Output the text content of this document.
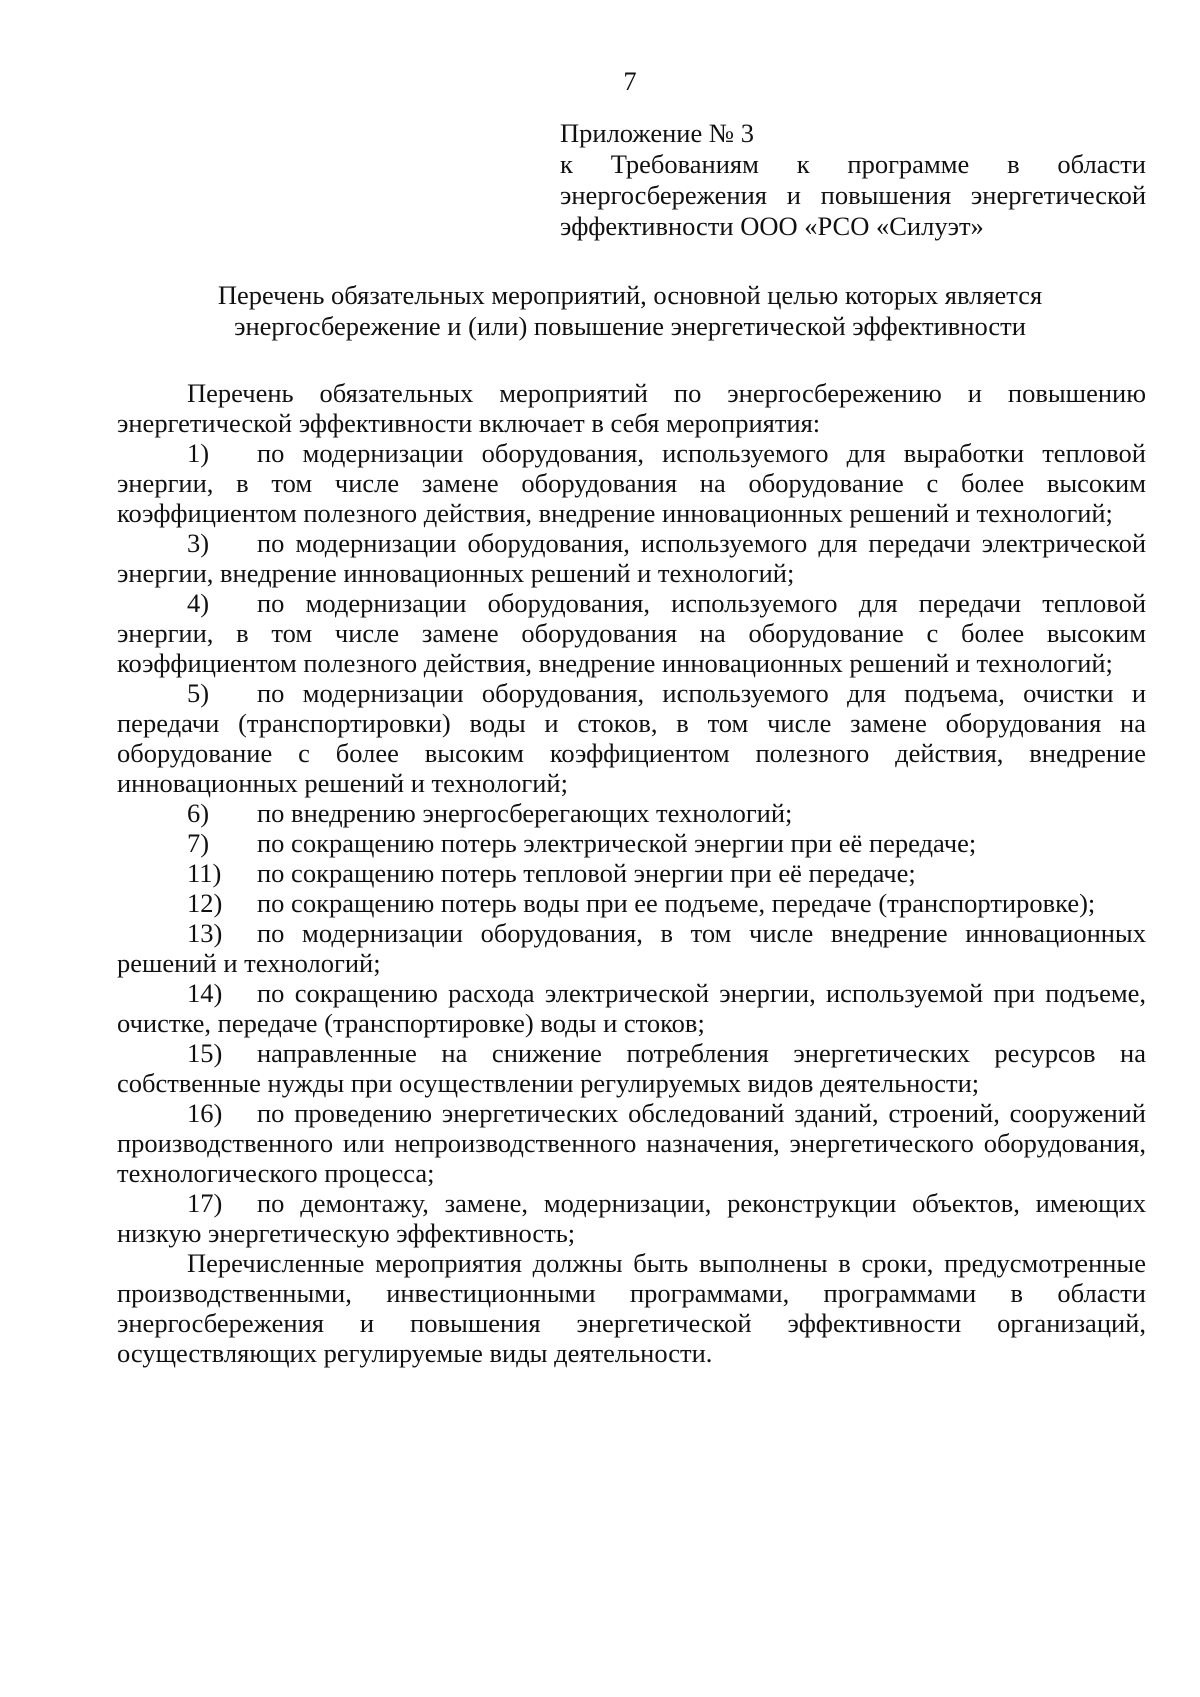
7
Приложение № 3
к Требованиям к программе в области
энергосбережения и повышения энергетической
эффективности ООО «РСО «Силуэт»
Перечень обязательных мероприятий, основной целью которых является
энергосбережение и (или) повышение энергетической эффективности

Перечень обязательных мероприятий по энергосбережению и повышению энергетической эффективности включает в себя мероприятия:

1) по модернизации оборудования, используемого для выработки тепловой энергии, в том числе замене оборудования на оборудование с более высоким коэффициентом полезного действия, внедрение инновационных решений и технологий;

3) по модернизации оборудования, используемого для передачи электрической энергии, внедрение инновационных решений и технологий;

4) по модернизации оборудования, используемого для передачи тепловой энергии, в том числе замене оборудования на оборудование с более высоким коэффициентом полезного действия, внедрение инновационных решений и технологий;

5) по модернизации оборудования, используемого для подъема, очистки и передачи (транспортировки) воды и стоков, в том числе замене оборудования на оборудование с более высоким коэффициентом полезного действия, внедрение инновационных решений и технологий;

6) по внедрению энергосберегающих технологий;

7) по сокращению потерь электрической энергии при её передаче;

11) по сокращению потерь тепловой энергии при её передаче;

12) по сокращению потерь воды при ее подъеме, передаче (транспортировке);

13) по модернизации оборудования, в том числе внедрение инновационных решений и технологий;

14) по сокращению расхода электрической энергии, используемой при подъеме, очистке, передаче (транспортировке) воды и стоков;

15) направленные на снижение потребления энергетических ресурсов на собственные нужды при осуществлении регулируемых видов деятельности;

16) по проведению энергетических обследований зданий, строений, сооружений производственного или непроизводственного назначения, энергетического оборудования, технологического процесса;

17) по демонтажу, замене, модернизации, реконструкции объектов, имеющих низкую энергетическую эффективность;

Перечисленные мероприятия должны быть выполнены в сроки, предусмотренные производственными, инвестиционными программами, программами в области энергосбережения и повышения энергетической эффективности организаций, осуществляющих регулируемые виды деятельности.
